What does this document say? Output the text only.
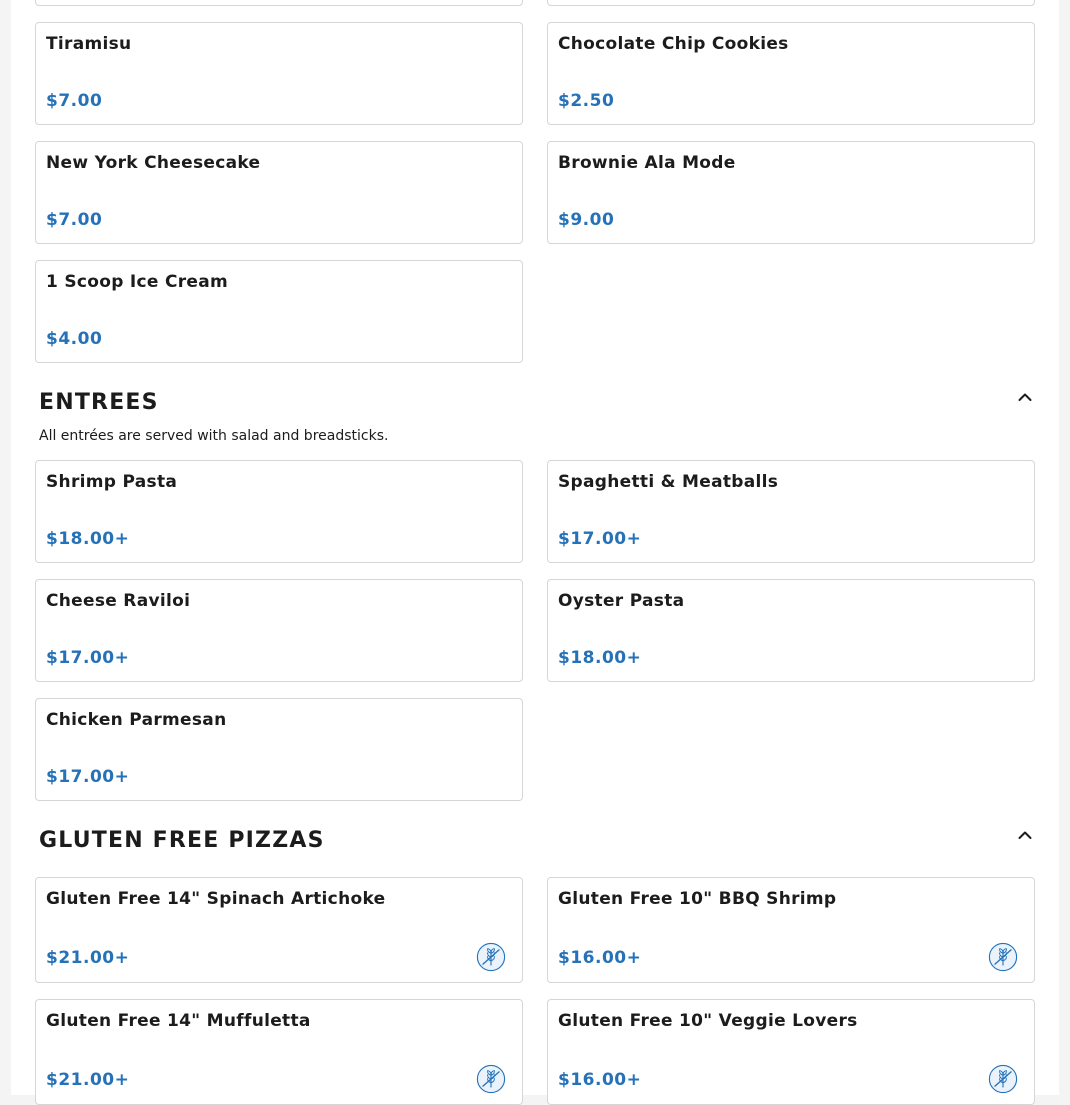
Tiramisu
$7.00
Chocolate Chip Cookies
$2.50
New York Cheesecake
$7.00
Brownie Ala Mode
$9.00
1 Scoop Ice Cream
$4.00
ENTREES
All entrées are served with salad and breadsticks.
Shrimp Pasta
$18.00+
Spaghetti & Meatballs
$17.00+
Cheese Raviloi
$17.00+
Oyster Pasta
$18.00+
Chicken Parmesan
$17.00+
GLUTEN FREE PIZZAS
Gluten Free 14" Spinach Artichoke
$21.00+
Gluten Free 10" BBQ Shrimp
$16.00+
Gluten Free 14" Muffuletta
$21.00+
Gluten Free 10" Veggie Lovers
$16.00+
